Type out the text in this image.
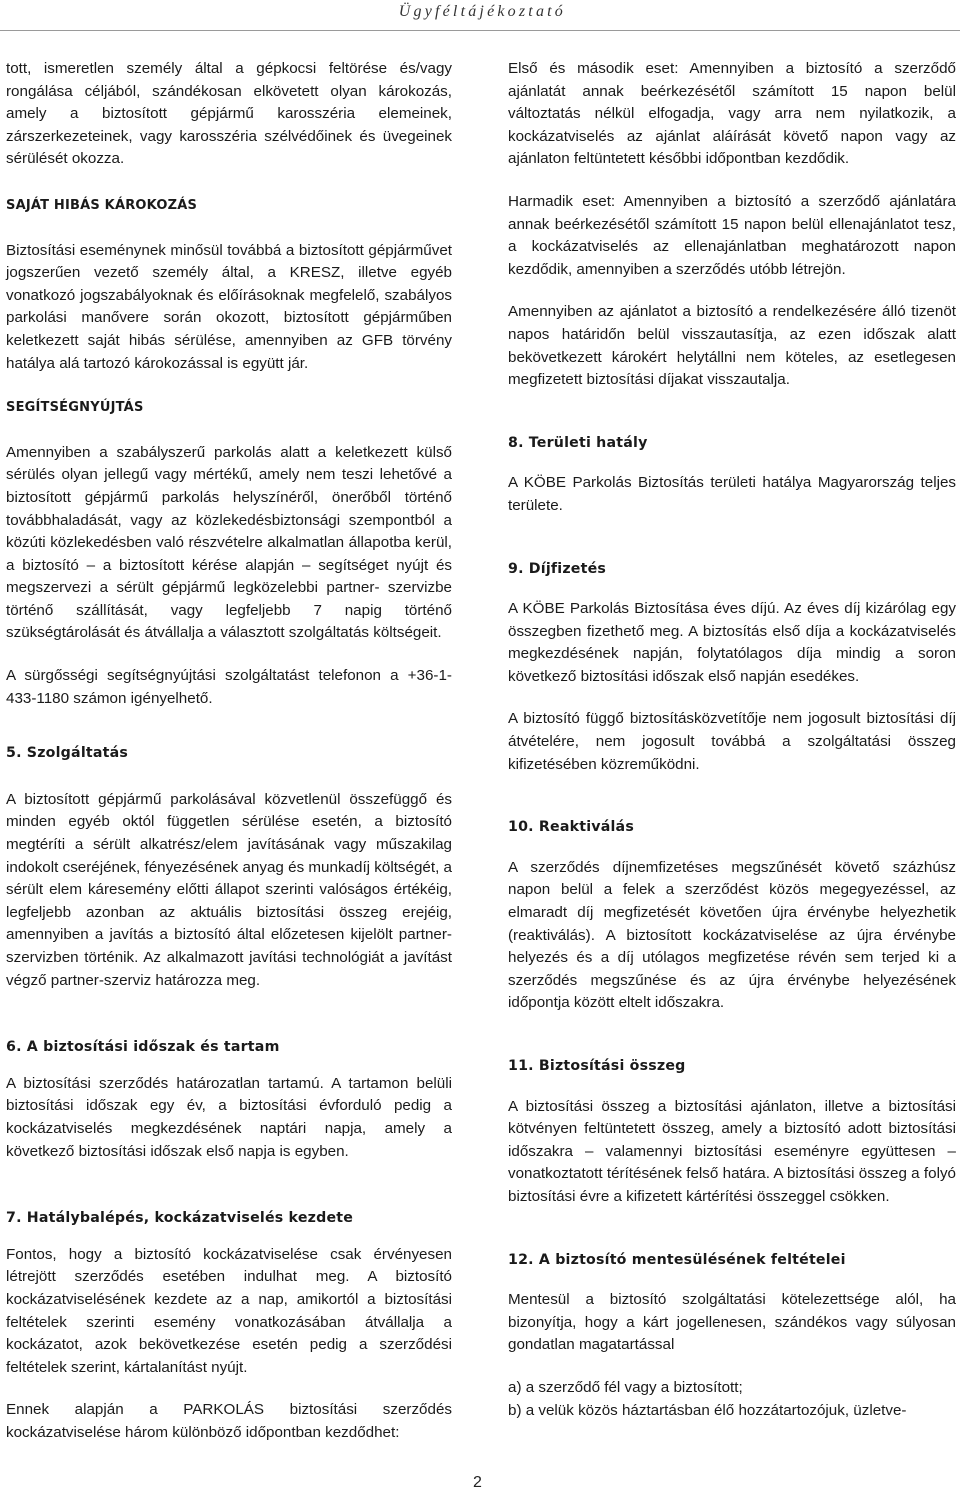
Ügyféltájékoztató

tott, ismeretlen személy által a gépkocsi feltörése és/vagy rongálása céljából, szándékosan elkövetett olyan károkozás, amely a biztosított gépjármű karosszéria elemeinek, zárszerkezeteinek, vagy karosszéria szélvédőinek és üvegeinek sérülését okozza.

SAJÁT HIBÁS KÁROKOZÁS

Biztosítási eseménynek minősül továbbá a biztosított gépjárművet jogszerűen vezető személy által, a KRESZ, illetve egyéb vonatkozó jogszabályoknak és előírásoknak megfelelő, szabályos parkolási manővere során okozott, biztosított gépjárműben keletkezett saját hibás sérülése, amennyiben az GFB törvény hatálya alá tartozó károkozással is együtt jár.

SEGÍTSÉGNYÚJTÁS

Amennyiben a szabályszerű parkolás alatt a keletkezett külső sérülés olyan jellegű vagy mértékű, amely nem teszi lehetővé a biztosított gépjármű parkolás helyszínéről, önerőből történő továbbhaladását, vagy az közlekedésbiztonsági szempontból a közúti közlekedésben való részvételre alkalmatlan állapotba kerül, a biztosító – a biztosított kérése alapján – segítséget nyújt és megszervezi a sérült gépjármű legközelebbi partner- szervizbe történő szállítását, vagy legfeljebb 7 napig történő szükségtárolását és átvállalja a választott szolgáltatás költségeit.

A sürgősségi segítségnyújtási szolgáltatást telefonon a +36-1-433-1180 számon igényelhető.

5. Szolgáltatás

A biztosított gépjármű parkolásával közvetlenül összefüggő és minden egyéb októl független sérülése esetén, a biztosító megtéríti a sérült alkatrész/elem javításának vagy műszakilag indokolt cseréjének, fényezésének anyag és munkadíj költségét, a sérült elem káresemény előtti állapot szerinti valóságos értékéig, legfeljebb azonban az aktuális biztosítási összeg erejéig, amennyiben a javítás a biztosító által előzetesen kijelölt partner-szervizben történik. Az alkalmazott javítási technológiát a javítást végző partner-szerviz határozza meg.

6. A biztosítási időszak és tartam

A biztosítási szerződés határozatlan tartamú. A tartamon belüli biztosítási időszak egy év, a biztosítási évforduló pedig a kockázatviselés megkezdésének naptári napja, amely a következő biztosítási időszak első napja is egyben.

7. Hatálybalépés, kockázatviselés kezdete

Fontos, hogy a biztosító kockázatviselése csak érvényesen létrejött szerződés esetében indulhat meg. A biztosító kockázatviselésének kezdete az a nap, amikortól a biztosítási feltételek szerinti esemény vonatkozásában átvállalja a kockázatot, azok bekövetkezése esetén pedig a szerződési feltételek szerint, kártalanítást nyújt.

Ennek alapján a PARKOLÁS biztosítási szerződés kockázatviselése három különböző időpontban kezdődhet:

Első és második eset: Amennyiben a biztosító a szerződő ajánlatát annak beérkezésétől számított 15 napon belül változtatás nélkül elfogadja, vagy arra nem nyilatkozik, a kockázatviselés az ajánlat aláírását követő napon vagy az ajánlaton feltüntetett későbbi időpontban kezdődik.

Harmadik eset: Amennyiben a biztosító a szerződő ajánlatára annak beérkezésétől számított 15 napon belül ellenajánlatot tesz, a kockázatviselés az ellenajánlatban meghatározott napon kezdődik, amennyiben a szerződés utóbb létrejön.

Amennyiben az ajánlatot a biztosító a rendelkezésére álló tizenöt napos határidőn belül visszautasítja, az ezen időszak alatt bekövetkezett károkért helytállni nem köteles, az esetlegesen megfizetett biztosítási díjakat visszautalja.

8. Területi hatály

A KÖBE Parkolás Biztosítás területi hatálya Magyarország teljes területe.

9. Díjfizetés

A KÖBE Parkolás Biztosítása éves díjú. Az éves díj kizárólag egy összegben fizethető meg. A biztosítás első díja a kockázatviselés megkezdésének napján, folytatólagos díja mindig a soron következő biztosítási időszak első napján esedékes.

A biztosító függő biztosításközvetítője nem jogosult biztosítási díj átvételére, nem jogosult továbbá a szolgáltatási összeg kifizetésében közreműködni.

10. Reaktiválás

A szerződés díjnemfizetéses megszűnését követő százhúsz napon belül a felek a szerződést közös megegyezéssel, az elmaradt díj megfizetését követően újra érvénybe helyezhetik (reaktiválás). A biztosított kockázatviselése az újra érvénybe helyezés és a díj utólagos megfizetése révén sem terjed ki a szerződés megszűnése és az újra érvénybe helyezésének időpontja között eltelt időszakra.

11. Biztosítási összeg

A biztosítási összeg a biztosítási ajánlaton, illetve a biztosítási kötvényen feltüntetett összeg, amely a biztosító adott biztosítási időszakra – valamennyi biztosítási eseményre együttesen – vonatkoztatott térítésének felső határa. A biztosítási összeg a folyó biztosítási évre a kifizetett kártérítési összeggel csökken.

12. A biztosító mentesülésének feltételei

Mentesül a biztosító szolgáltatási kötelezettsége alól, ha bizonyítja, hogy a kárt jogellenesen, szándékos vagy súlyosan gondatlan magatartással

a) a szerződő fél vagy a biztosított;

b) a velük közös háztartásban élő hozzátartozójuk, üzletve-

2
